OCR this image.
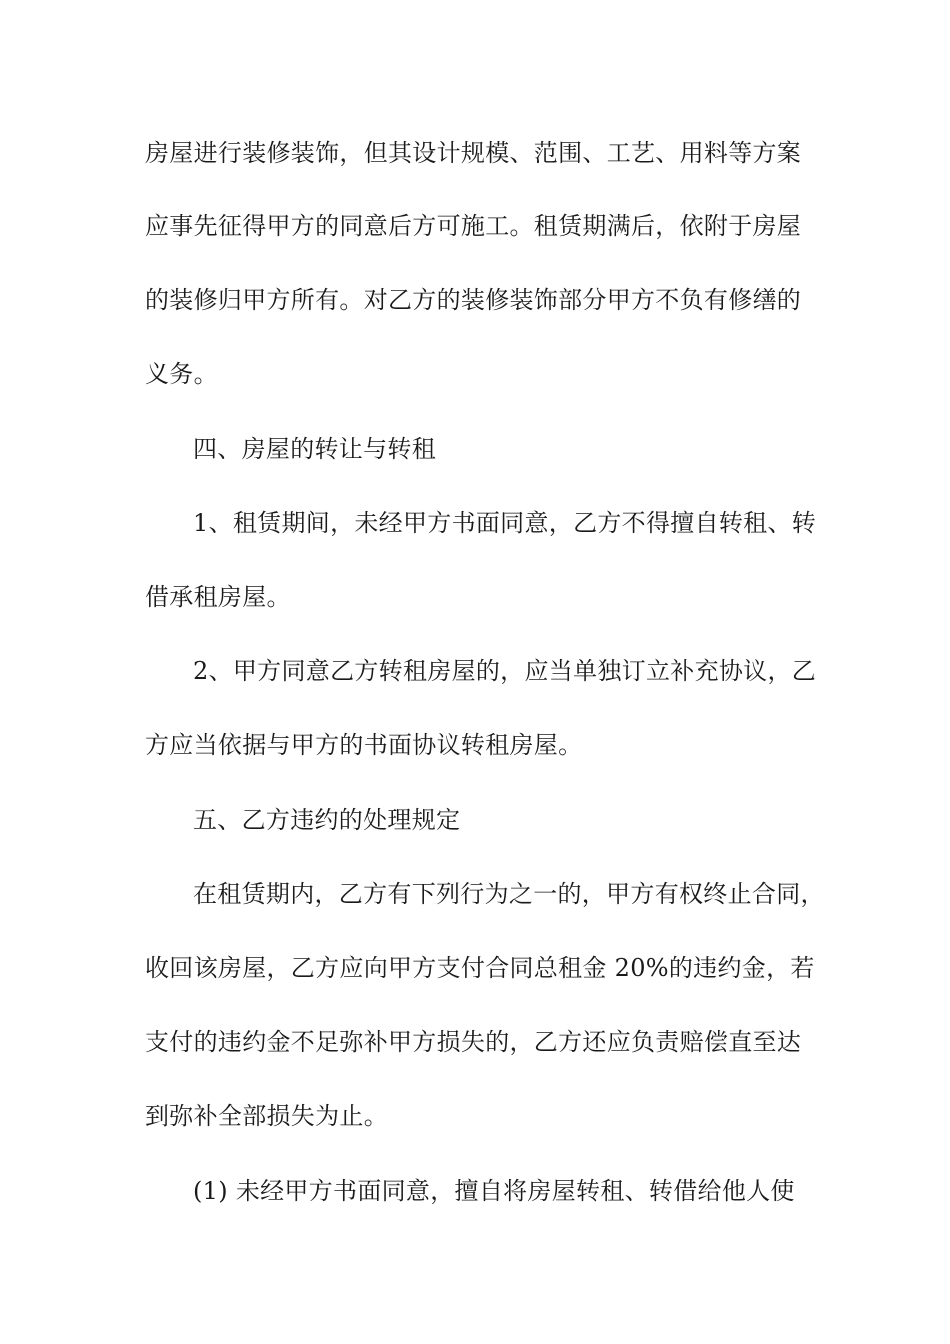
房屋进行装修装饰，但其设计规模、范围、工艺、用料等方案
应事先征得甲方的同意后方可施工。租赁期满后，依附于房屋
的装修归甲方所有。对乙方的装修装饰部分甲方不负有修缮的
义务。
四、房屋的转让与转租
1、租赁期间，未经甲方书面同意，乙方不得擅自转租、转
借承租房屋。
2、甲方同意乙方转租房屋的，应当单独订立补充协议，乙
方应当依据与甲方的书面协议转租房屋。
五、乙方违约的处理规定
在租赁期内，乙方有下列行为之一的，甲方有权终止合同，
收回该房屋，乙方应向甲方支付合同总租金 20%的违约金，若
支付的违约金不足弥补甲方损失的，乙方还应负责赔偿直至达
到弥补全部损失为止。
(1) 未经甲方书面同意，擅自将房屋转租、转借给他人使
